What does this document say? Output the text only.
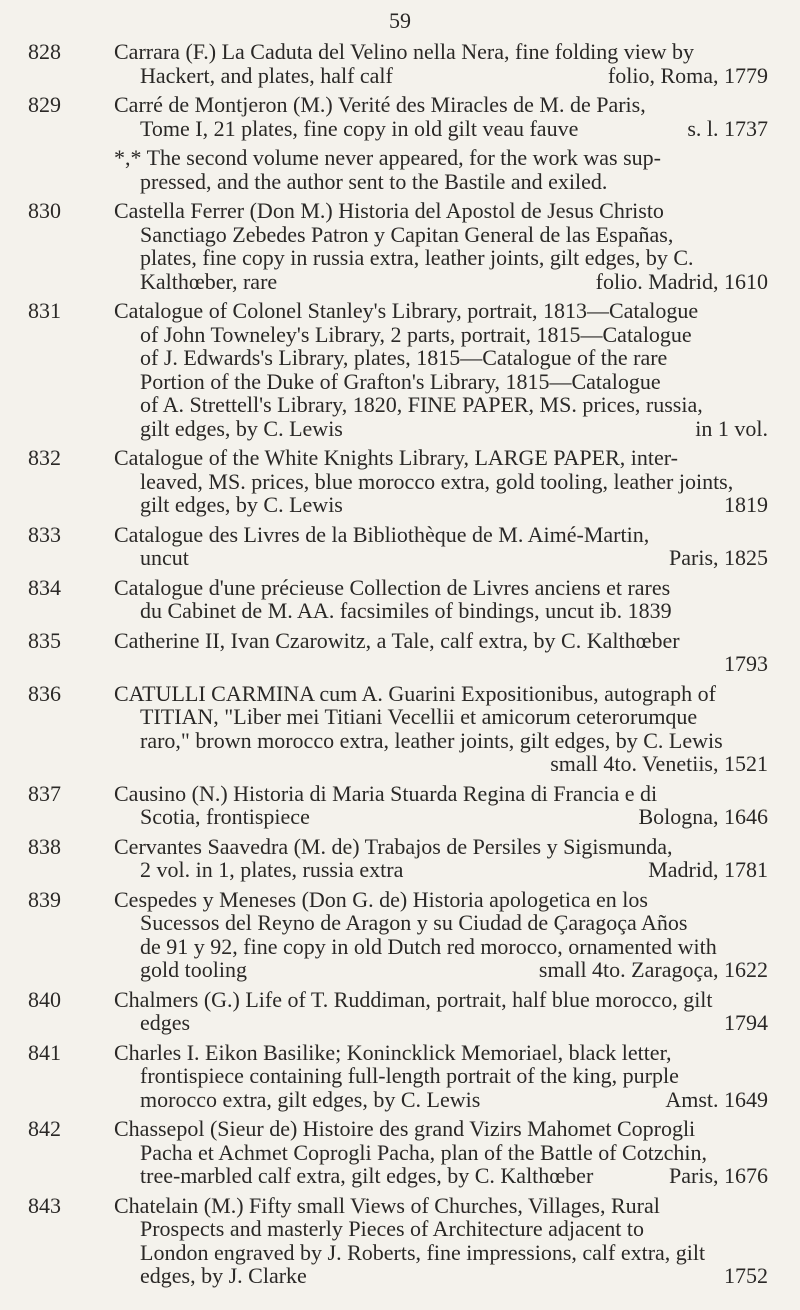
59
828	Carrara (F.) La Caduta del Velino nella Nera, fine folding view by
Hackert, and plates, half calf	folio, Roma, 1779
829	Carré de Montjeron (M.) Verité des Miracles de M. de Paris,
Tome I, 21 plates, fine copy in old gilt veau fauve	s. l. 1737
*,* The second volume never appeared, for the work was sup-
pressed, and the author sent to the Bastile and exiled.
830	Castella Ferrer (Don M.) Historia del Apostol de Jesus Christo
Sanctiago Zebedes Patron y Capitan General de las Españas,
plates, fine copy in russia extra, leather joints, gilt edges, by C.
Kalthœber, rare	folio. Madrid, 1610
831	Catalogue of Colonel Stanley's Library, portrait, 1813—Catalogue
of John Towneley's Library, 2 parts, portrait, 1815—Catalogue
of J. Edwards's Library, plates, 1815—Catalogue of the rare
Portion of the Duke of Grafton's Library, 1815—Catalogue
of A. Strettell's Library, 1820, FINE PAPER, MS. prices, russia,
gilt edges, by C. Lewis	in 1 vol.
832	Catalogue of the White Knights Library, LARGE PAPER, inter-
leaved, MS. prices, blue morocco extra, gold tooling, leather joints,
gilt edges, by C. Lewis	1819
833	Catalogue des Livres de la Bibliothèque de M. Aimé-Martin,
uncut	Paris, 1825
834	Catalogue d'une précieuse Collection de Livres anciens et rares
du Cabinet de M. AA. facsimiles of bindings, uncut ib. 1839
835	Catherine II, Ivan Czarowitz, a Tale, calf extra, by C. Kalthœber
1793
836	CATULLI CARMINA cum A. Guarini Expositionibus, autograph of
TITIAN, "Liber mei Titiani Vecellii et amicorum ceterorumque
raro," brown morocco extra, leather joints, gilt edges, by C. Lewis
small 4to. Venetiis, 1521
837	Causino (N.) Historia di Maria Stuarda Regina di Francia e di
Scotia, frontispiece	Bologna, 1646
838	Cervantes Saavedra (M. de) Trabajos de Persiles y Sigismunda,
2 vol. in 1, plates, russia extra	Madrid, 1781
839	Cespedes y Meneses (Don G. de) Historia apologetica en los
Sucessos del Reyno de Aragon y su Ciudad de Çaragoça Años
de 91 y 92, fine copy in old Dutch red morocco, ornamented with
gold tooling	small 4to. Zaragoça, 1622
840	Chalmers (G.) Life of T. Ruddiman, portrait, half blue morocco, gilt
edges	1794
841	Charles I. Eikon Basilike; Konincklick Memoriael, black letter,
frontispiece containing full-length portrait of the king, purple
morocco extra, gilt edges, by C. Lewis	Amst. 1649
842	Chassepol (Sieur de) Histoire des grand Vizirs Mahomet Coprogli
Pacha et Achmet Coprogli Pacha, plan of the Battle of Cotzchin,
tree-marbled calf extra, gilt edges, by C. Kalthœber	Paris, 1676
843	Chatelain (M.) Fifty small Views of Churches, Villages, Rural
Prospects and masterly Pieces of Architecture adjacent to
London engraved by J. Roberts, fine impressions, calf extra, gilt
edges, by J. Clarke	1752
